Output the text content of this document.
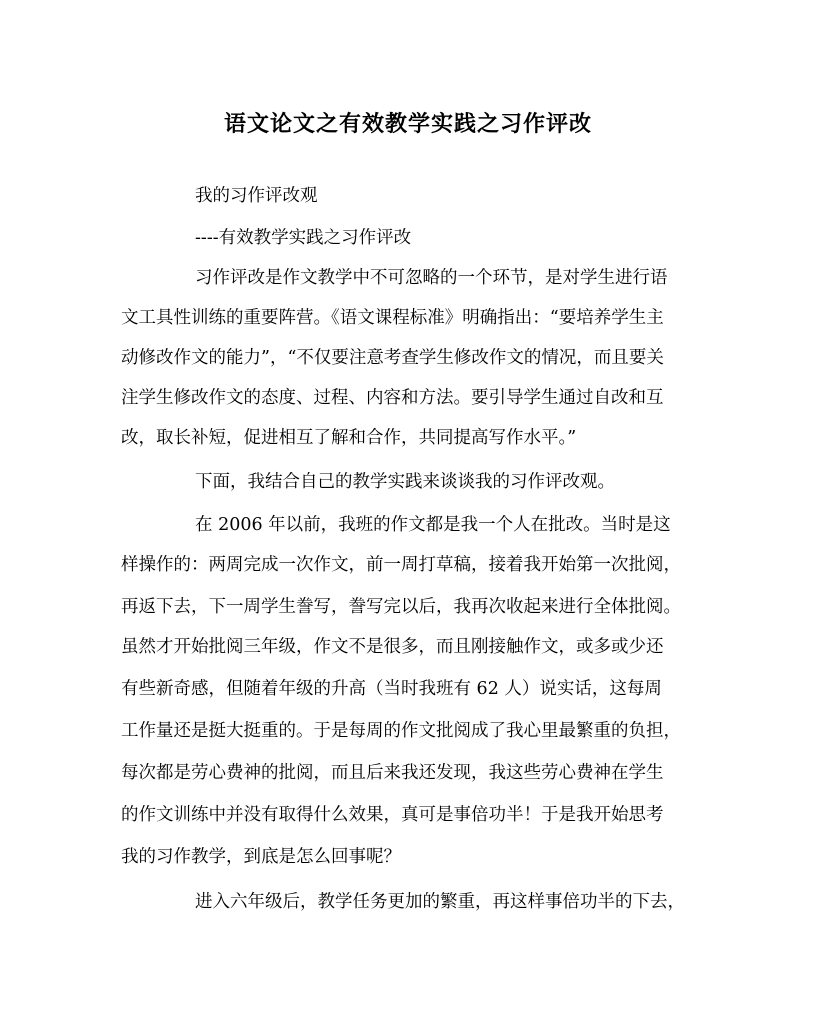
语文论文之有效教学实践之习作评改
我的习作评改观
----有效教学实践之习作评改
习作评改是作文教学中不可忽略的一个环节，是对学生进行语
文工具性训练的重要阵营。《语文课程标准》明确指出：“要培养学生主
动修改作文的能力”，“不仅要注意考查学生修改作文的情况，而且要关
注学生修改作文的态度、过程、内容和方法。要引导学生通过自改和互
改，取长补短，促进相互了解和合作，共同提高写作水平。”
下面，我结合自己的教学实践来谈谈我的习作评改观。
在 2006 年以前，我班的作文都是我一个人在批改。当时是这
样操作的：两周完成一次作文，前一周打草稿，接着我开始第一次批阅，
再返下去，下一周学生誊写，誊写完以后，我再次收起来进行全体批阅。
虽然才开始批阅三年级，作文不是很多，而且刚接触作文，或多或少还
有些新奇感，但随着年级的升高（当时我班有 62 人）说实话，这每周
工作量还是挺大挺重的。于是每周的作文批阅成了我心里最繁重的负担，
每次都是劳心费神的批阅，而且后来我还发现，我这些劳心费神在学生
的作文训练中并没有取得什么效果，真可是事倍功半！于是我开始思考
我的习作教学，到底是怎么回事呢？
进入六年级后，教学任务更加的繁重，再这样事倍功半的下去，
